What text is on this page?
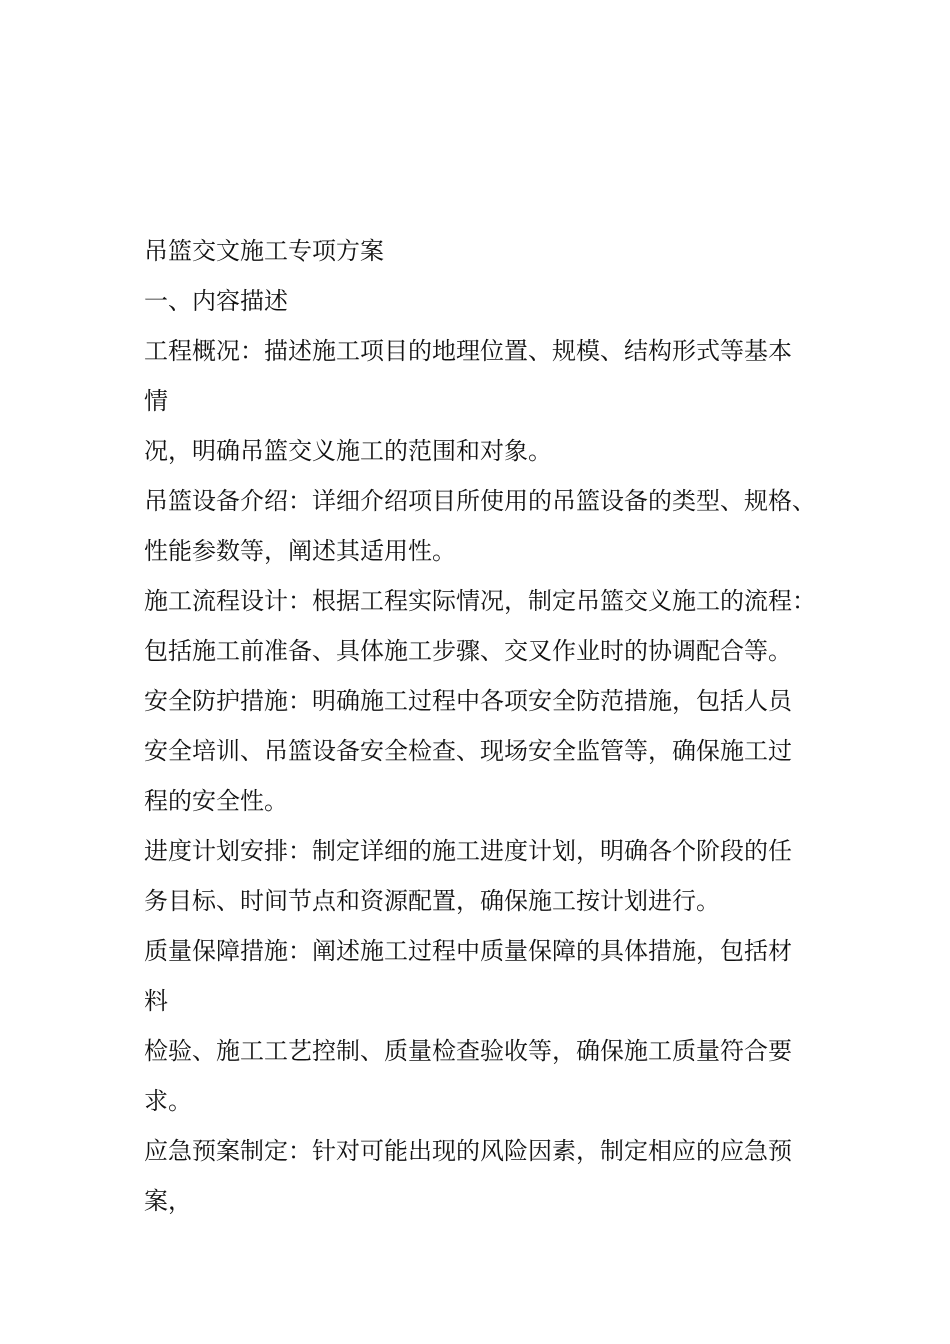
吊篮交文施工专项方案
一、内容描述
工程概况：描述施工项目的地理位置、规模、结构形式等基本
情
况，明确吊篮交义施工的范围和对象。
吊篮设备介绍：详细介绍项目所使用的吊篮设备的类型、规格、
性能参数等，阐述其适用性。
施工流程设计：根据工程实际情况，制定吊篮交义施工的流程：
包括施工前准备、具体施工步骤、交叉作业时的协调配合等。
安全防护措施：明确施工过程中各项安全防范措施，包括人员
安全培训、吊篮设备安全检查、现场安全监管等，确保施工过
程的安全性。
进度计划安排：制定详细的施工进度计划，明确各个阶段的任
务目标、时间节点和资源配置，确保施工按计划进行。
质量保障措施：阐述施工过程中质量保障的具体措施，包括材
料
检验、施工工艺控制、质量检查验收等，确保施工质量符合要
求。
应急预案制定：针对可能出现的风险因素，制定相应的应急预
案，
